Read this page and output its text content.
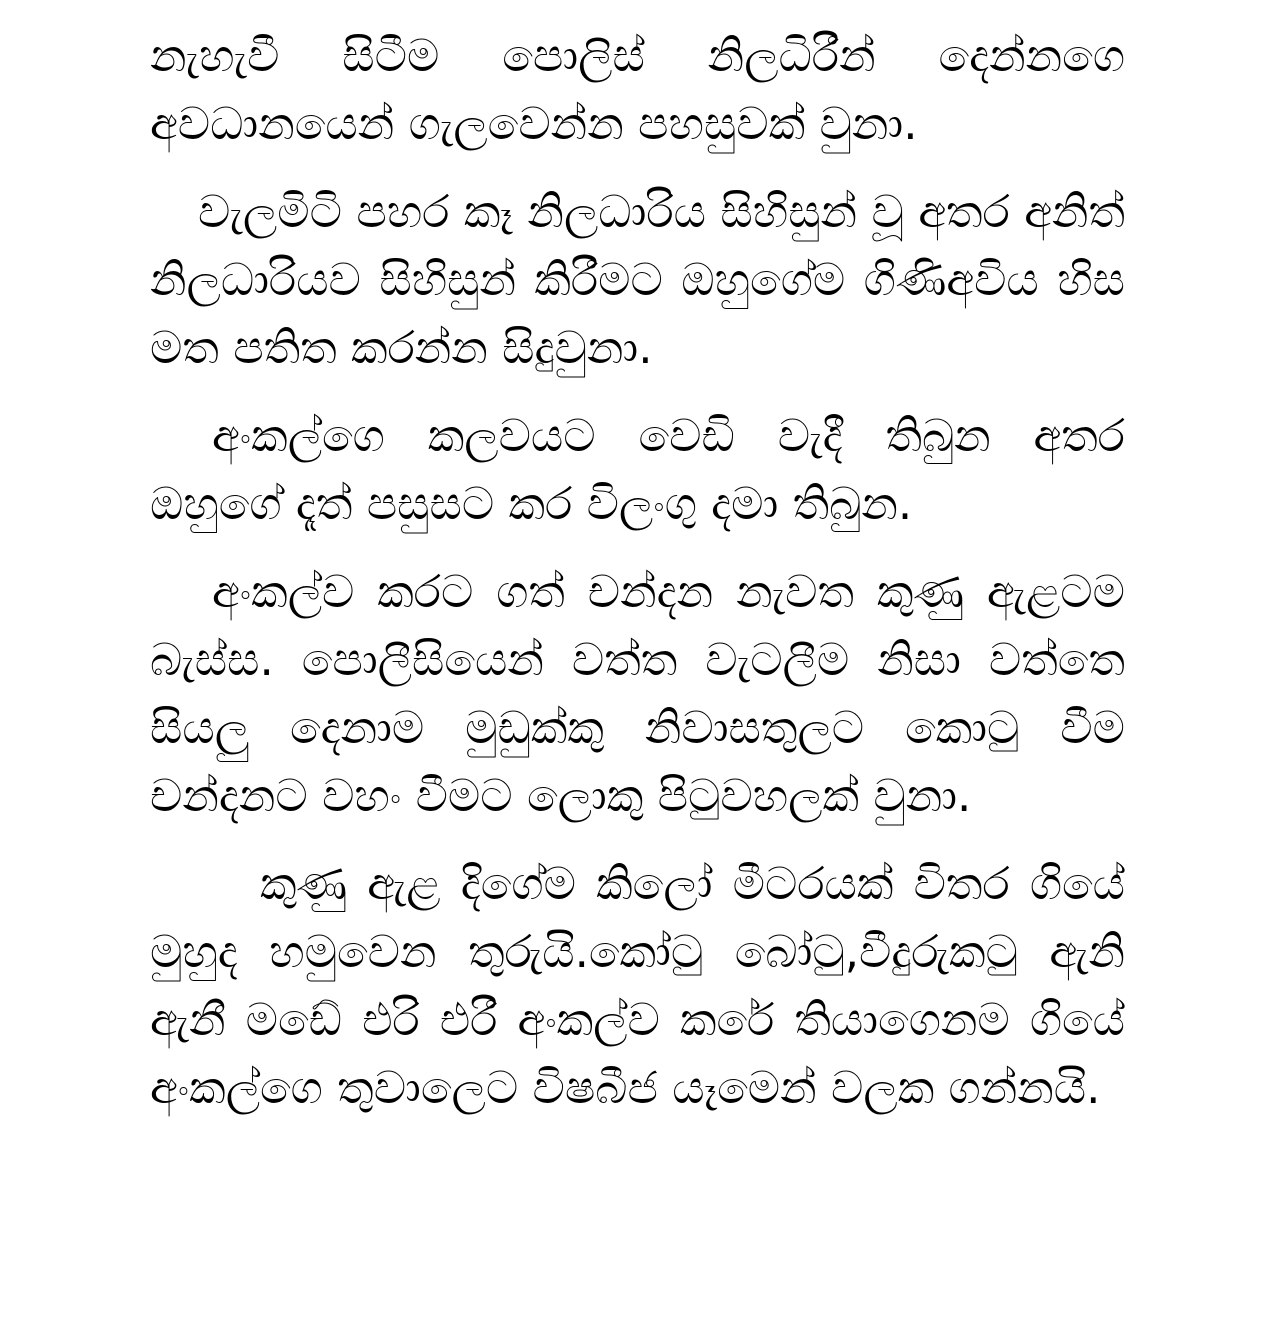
නැහැවී සිටීම පොලිස් නිලධිරීන් දෙන්නගෙ අවධානයෙන් ගැලවෙන්න පහසුවක් වුනා.

වැලමිටි පහර කෑ නිලධාරිය සිහිසුන් වූ අතර අනිත් නිලධාරියව සිහිසුන් කිරීමට ඔහුගේම ගිණිඅවිය හිස මත පතිත කරන්න සිදුවුනා.

අංකල්ගෙ කලවයට වෙඩි වැදී තිබුන අතර ඔහුගේ දෑත් පසුසට කර විලංගු දමා තිබුන.

අංකල්ව කරට ගත් චන්දන නැවත කුණු ඇළටම බැස්ස. පොලීසියෙන් වත්ත වැටලීම නිසා වත්තෙ සියලු දෙනාම මුඩුක්කු නිවාසතුලට කොටු වීම චන්දනට වහං වීමට ලොකු පිටුවහලක් වුනා.

කුණු ඇළ දිගේම කිලෝ මීටරයක් විතර ගියේ මුහුද හමුවෙන තුරුයි.කෝටු බෝටු,වීදුරුකටු ඇනි ඇනී මඩේ එරි එරී අංකල්ව කරේ තියාගෙනම ගියේ අංකල්ගෙ තුවාලෙට විෂබීජ යෑමෙන් වලක ගන්නයි.
